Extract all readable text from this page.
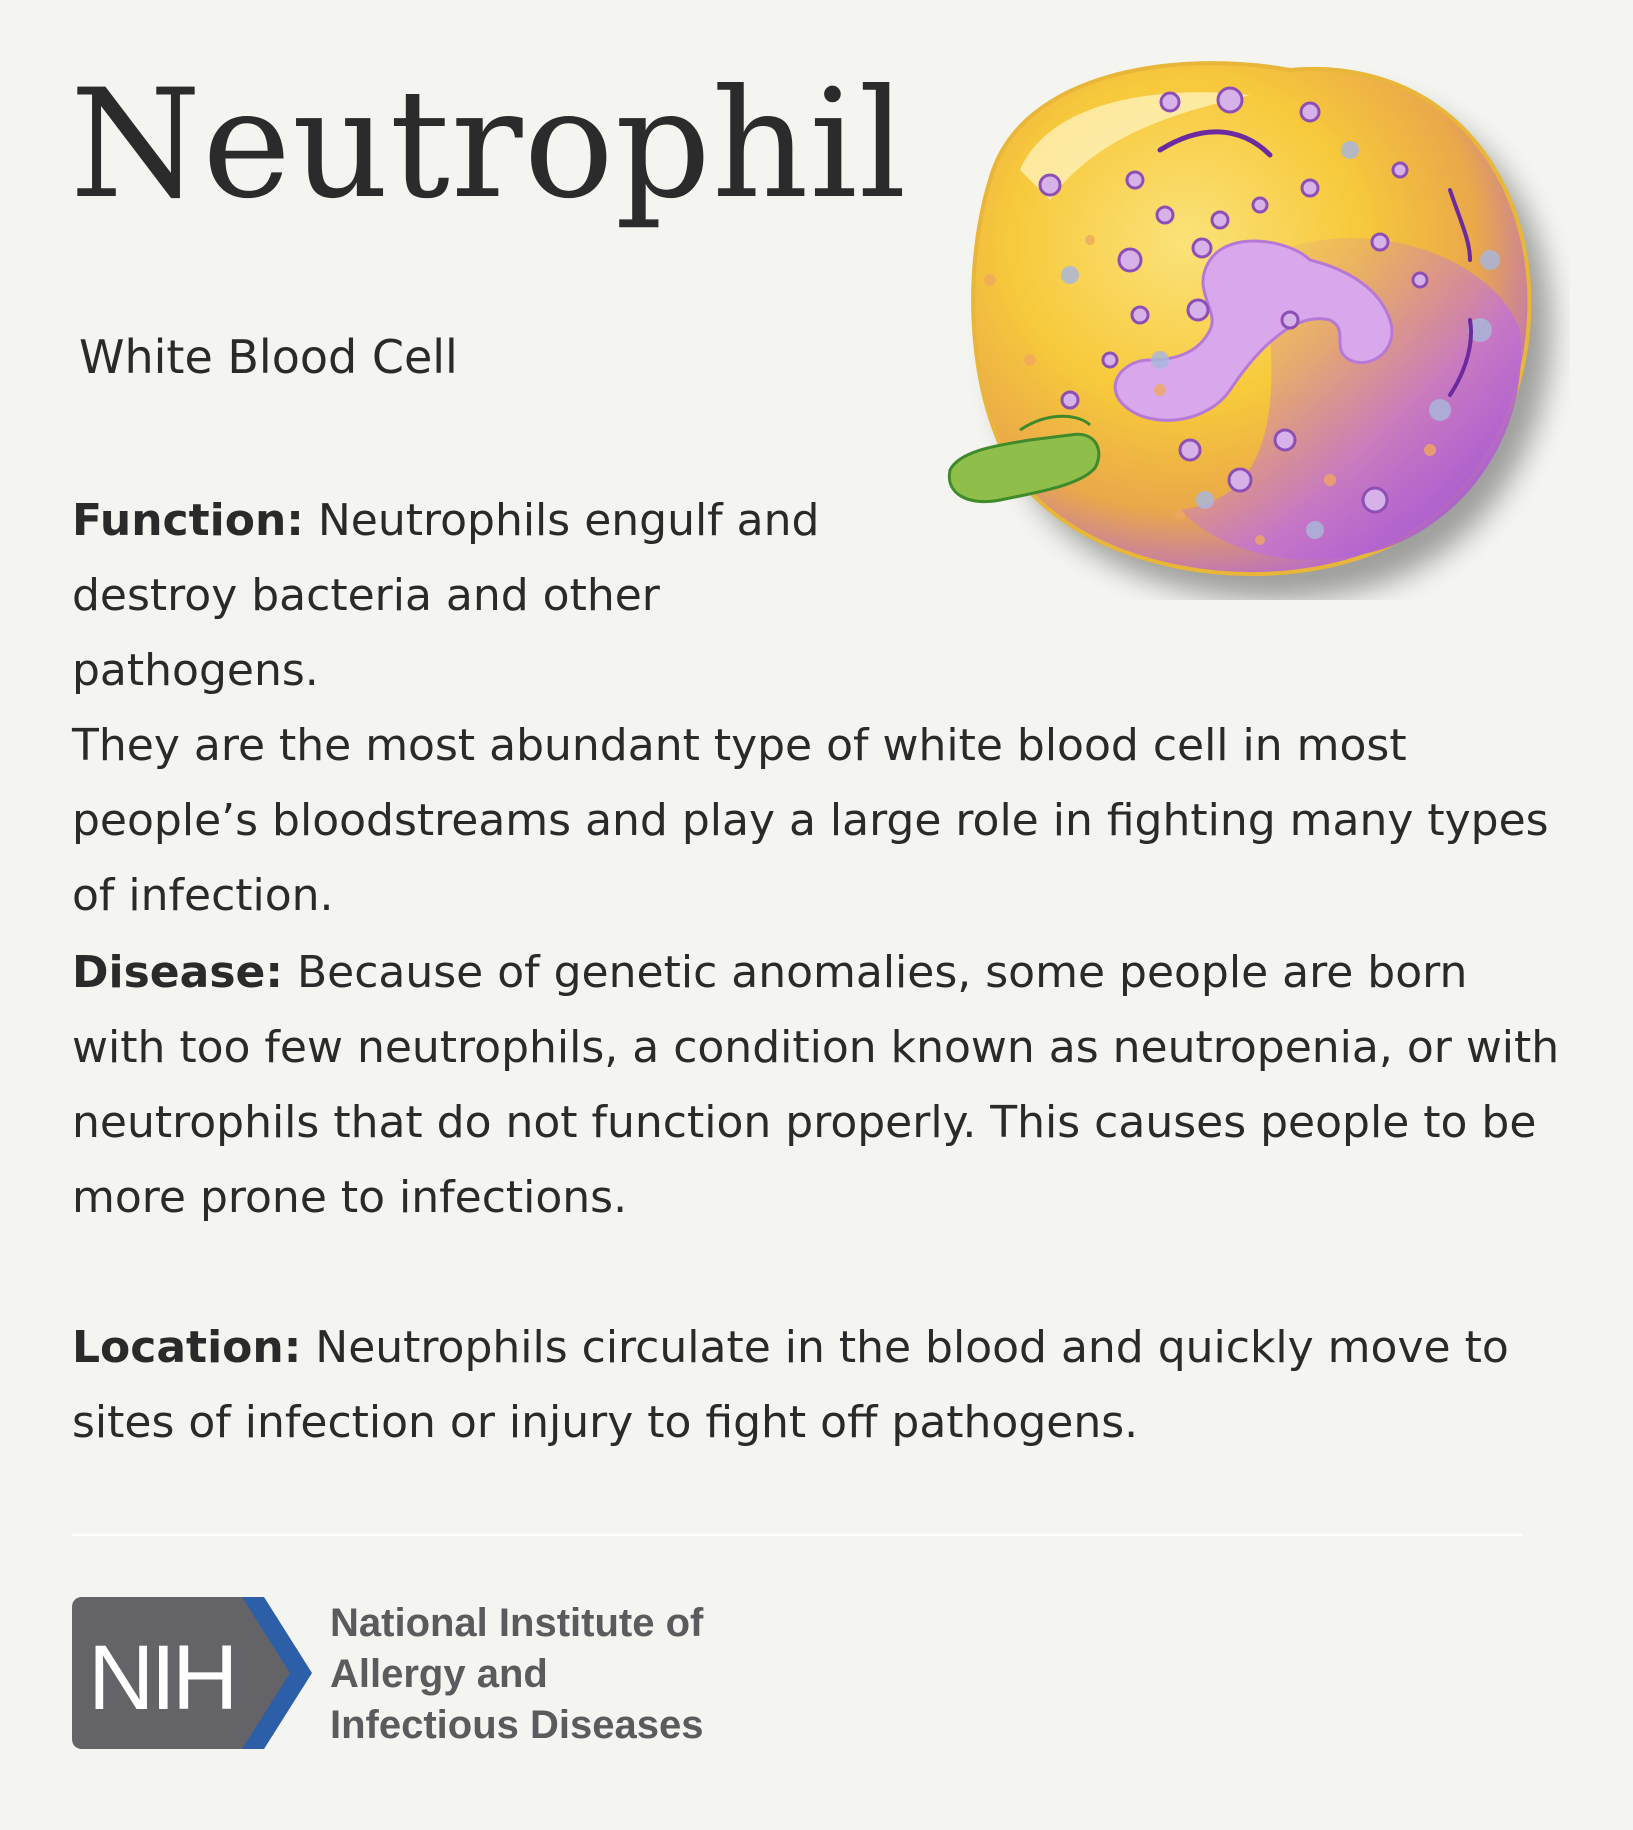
Neutrophil
White Blood Cell
Function: Neutrophils engulf and destroy bacteria and other pathogens.
They are the most abundant type of white blood cell in most people’s bloodstreams and play a large role in fighting many types of infection.
Disease: Because of genetic anomalies, some people are born with too few neutrophils, a condition known as neutropenia, or with neutrophils that do not function properly. This causes people to be more prone to infections.
Location: Neutrophils circulate in the blood and quickly move to sites of infection or injury to fight off pathogens.
NIH
National Institute of
Allergy and
Infectious Diseases
